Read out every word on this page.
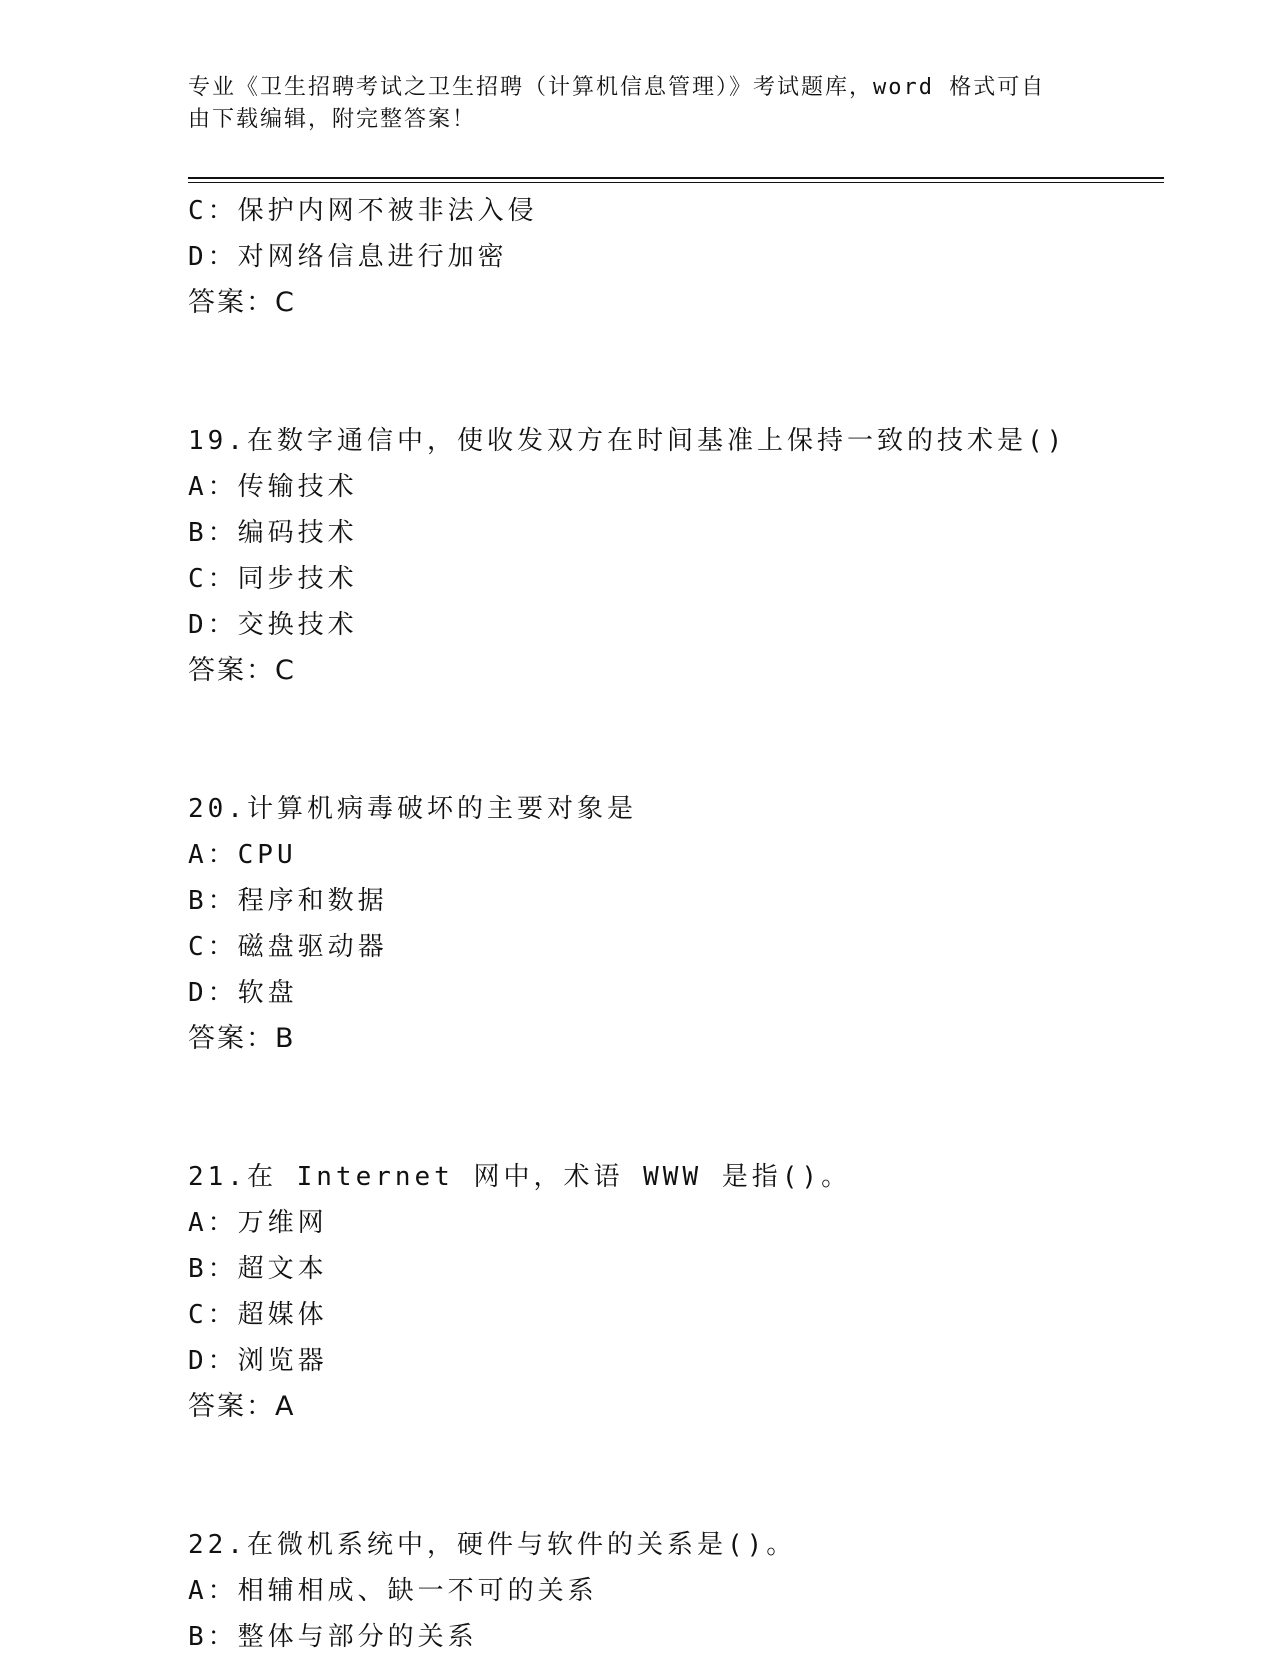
专业《卫生招聘考试之卫生招聘（计算机信息管理）》考试题库，word 格式可自
由下载编辑，附完整答案！
C：保护内网不被非法入侵
D：对网络信息进行加密
答案：C
19.在数字通信中，使收发双方在时间基准上保持一致的技术是()
A：传输技术
B：编码技术
C：同步技术
D：交换技术
答案：C
20.计算机病毒破坏的主要对象是
A：CPU
B：程序和数据
C：磁盘驱动器
D：软盘
答案：B
21.在 Internet 网中，术语 WWW 是指()。
A：万维网
B：超文本
C：超媒体
D：浏览器
答案：A
22.在微机系统中，硬件与软件的关系是()。
A：相辅相成、缺一不可的关系
B：整体与部分的关系
